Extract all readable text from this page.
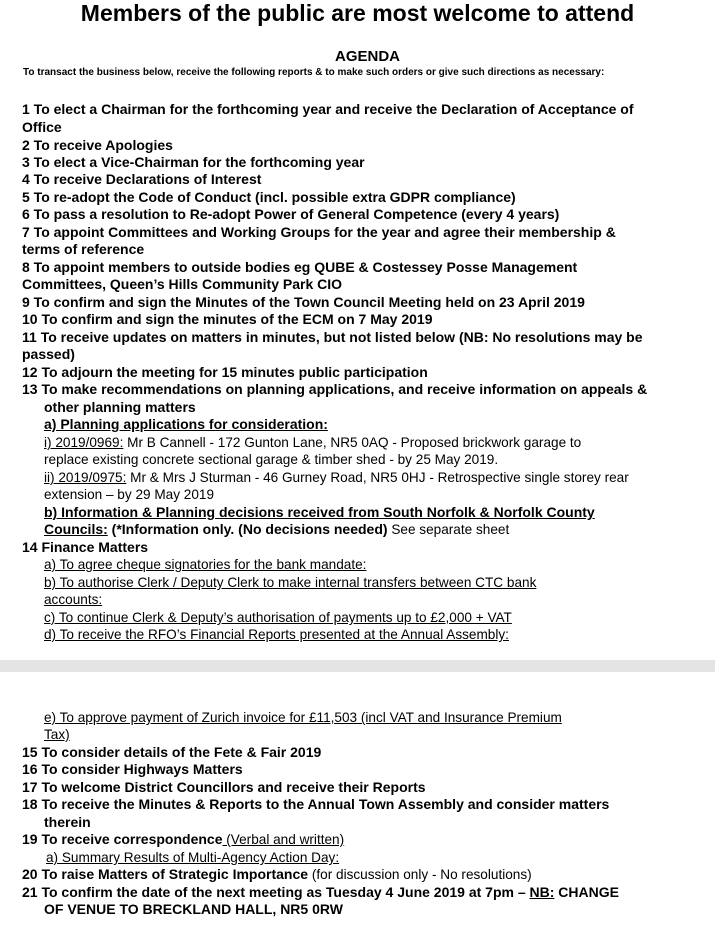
Members of the public are most welcome to attend
AGENDA
To transact the business below, receive the following reports & to make such orders or give such directions as necessary:
1 To elect a Chairman for the forthcoming year and receive the Declaration of Acceptance of
Office
2 To receive Apologies
3 To elect a Vice-Chairman for the forthcoming year
4 To receive Declarations of Interest
5 To re-adopt the Code of Conduct (incl. possible extra GDPR compliance)
6 To pass a resolution to Re-adopt Power of General Competence (every 4 years)
7 To appoint Committees and Working Groups for the year and agree their membership &
terms of reference
8 To appoint members to outside bodies eg QUBE & Costessey Posse Management
Committees, Queen’s Hills Community Park CIO
9 To confirm and sign the Minutes of the Town Council Meeting held on 23 April 2019
10 To confirm and sign the minutes of the ECM on 7 May 2019
11 To receive updates on matters in minutes, but not listed below (NB: No resolutions may be
passed)
12 To adjourn the meeting for 15 minutes public participation
13 To make recommendations on planning applications, and receive information on appeals &
other planning matters
a) Planning applications for consideration:
i) 2019/0969: Mr B Cannell - 172 Gunton Lane, NR5 0AQ - Proposed brickwork garage to
replace existing concrete sectional garage & timber shed - by 25 May 2019.
ii) 2019/0975: Mr & Mrs J Sturman - 46 Gurney Road, NR5 0HJ - Retrospective single storey rear
extension – by 29 May 2019
b) Information & Planning decisions received from South Norfolk & Norfolk County
Councils: (*Information only. (No decisions needed) See separate sheet
14 Finance Matters
a) To agree cheque signatories for the bank mandate:
b) To authorise Clerk / Deputy Clerk to make internal transfers between CTC bank
accounts:
c) To continue Clerk & Deputy’s authorisation of payments up to £2,000 + VAT
d) To receive the RFO’s Financial Reports presented at the Annual Assembly:
e) To approve payment of Zurich invoice for £11,503 (incl VAT and Insurance Premium
Tax)
15 To consider details of the Fete & Fair 2019
16 To consider Highways Matters
17 To welcome District Councillors and receive their Reports
18 To receive the Minutes & Reports to the Annual Town Assembly and consider matters
therein
19 To receive correspondence (Verbal and written)
a) Summary Results of Multi-Agency Action Day:
20 To raise Matters of Strategic Importance (for discussion only - No resolutions)
21 To confirm the date of the next meeting as Tuesday 4 June 2019 at 7pm – NB: CHANGE
OF VENUE TO BRECKLAND HALL, NR5 0RW
